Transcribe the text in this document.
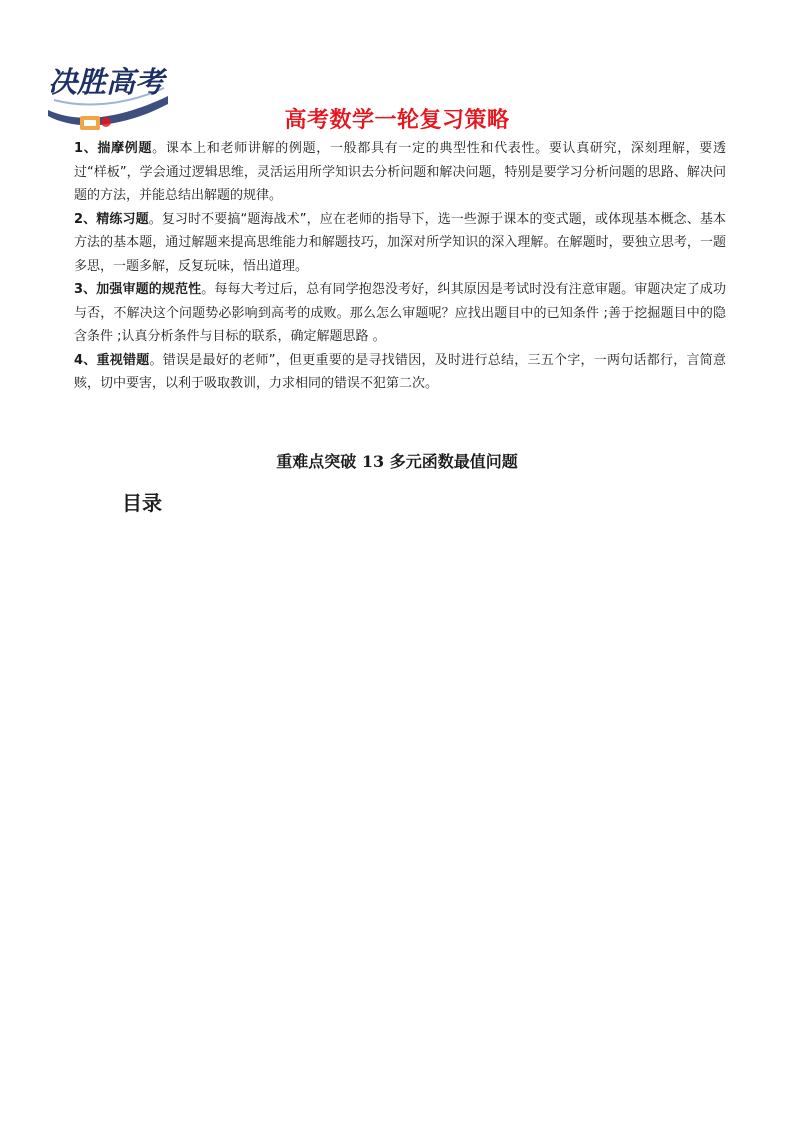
决胜高考
高考数学一轮复习策略

1、揣摩例题。课本上和老师讲解的例题，一般都具有一定的典型性和代表性。要认真研究，深刻理解，要透过“样板”，学会通过逻辑思维，灵活运用所学知识去分析问题和解决问题，特别是要学习分析问题的思路、解决问题的方法，并能总结出解题的规律。

2、精练习题。复习时不要搞“题海战术”，应在老师的指导下，选一些源于课本的变式题，或体现基本概念、基本方法的基本题，通过解题来提高思维能力和解题技巧，加深对所学知识的深入理解。在解题时，要独立思考，一题多思，一题多解，反复玩味，悟出道理。

3、加强审题的规范性。每每大考过后，总有同学抱怨没考好，纠其原因是考试时没有注意审题。审题决定了成功与否，不解决这个问题势必影响到高考的成败。那么怎么审题呢？应找出题目中的已知条件 ;善于挖掘题目中的隐含条件 ;认真分析条件与目标的联系，确定解题思路 。

4、重视错题。错误是最好的老师”，但更重要的是寻找错因，及时进行总结，三五个字，一两句话都行，言简意赅，切中要害，以利于吸取教训，力求相同的错误不犯第二次。

重难点突破 13 多元函数最值问题
目录
